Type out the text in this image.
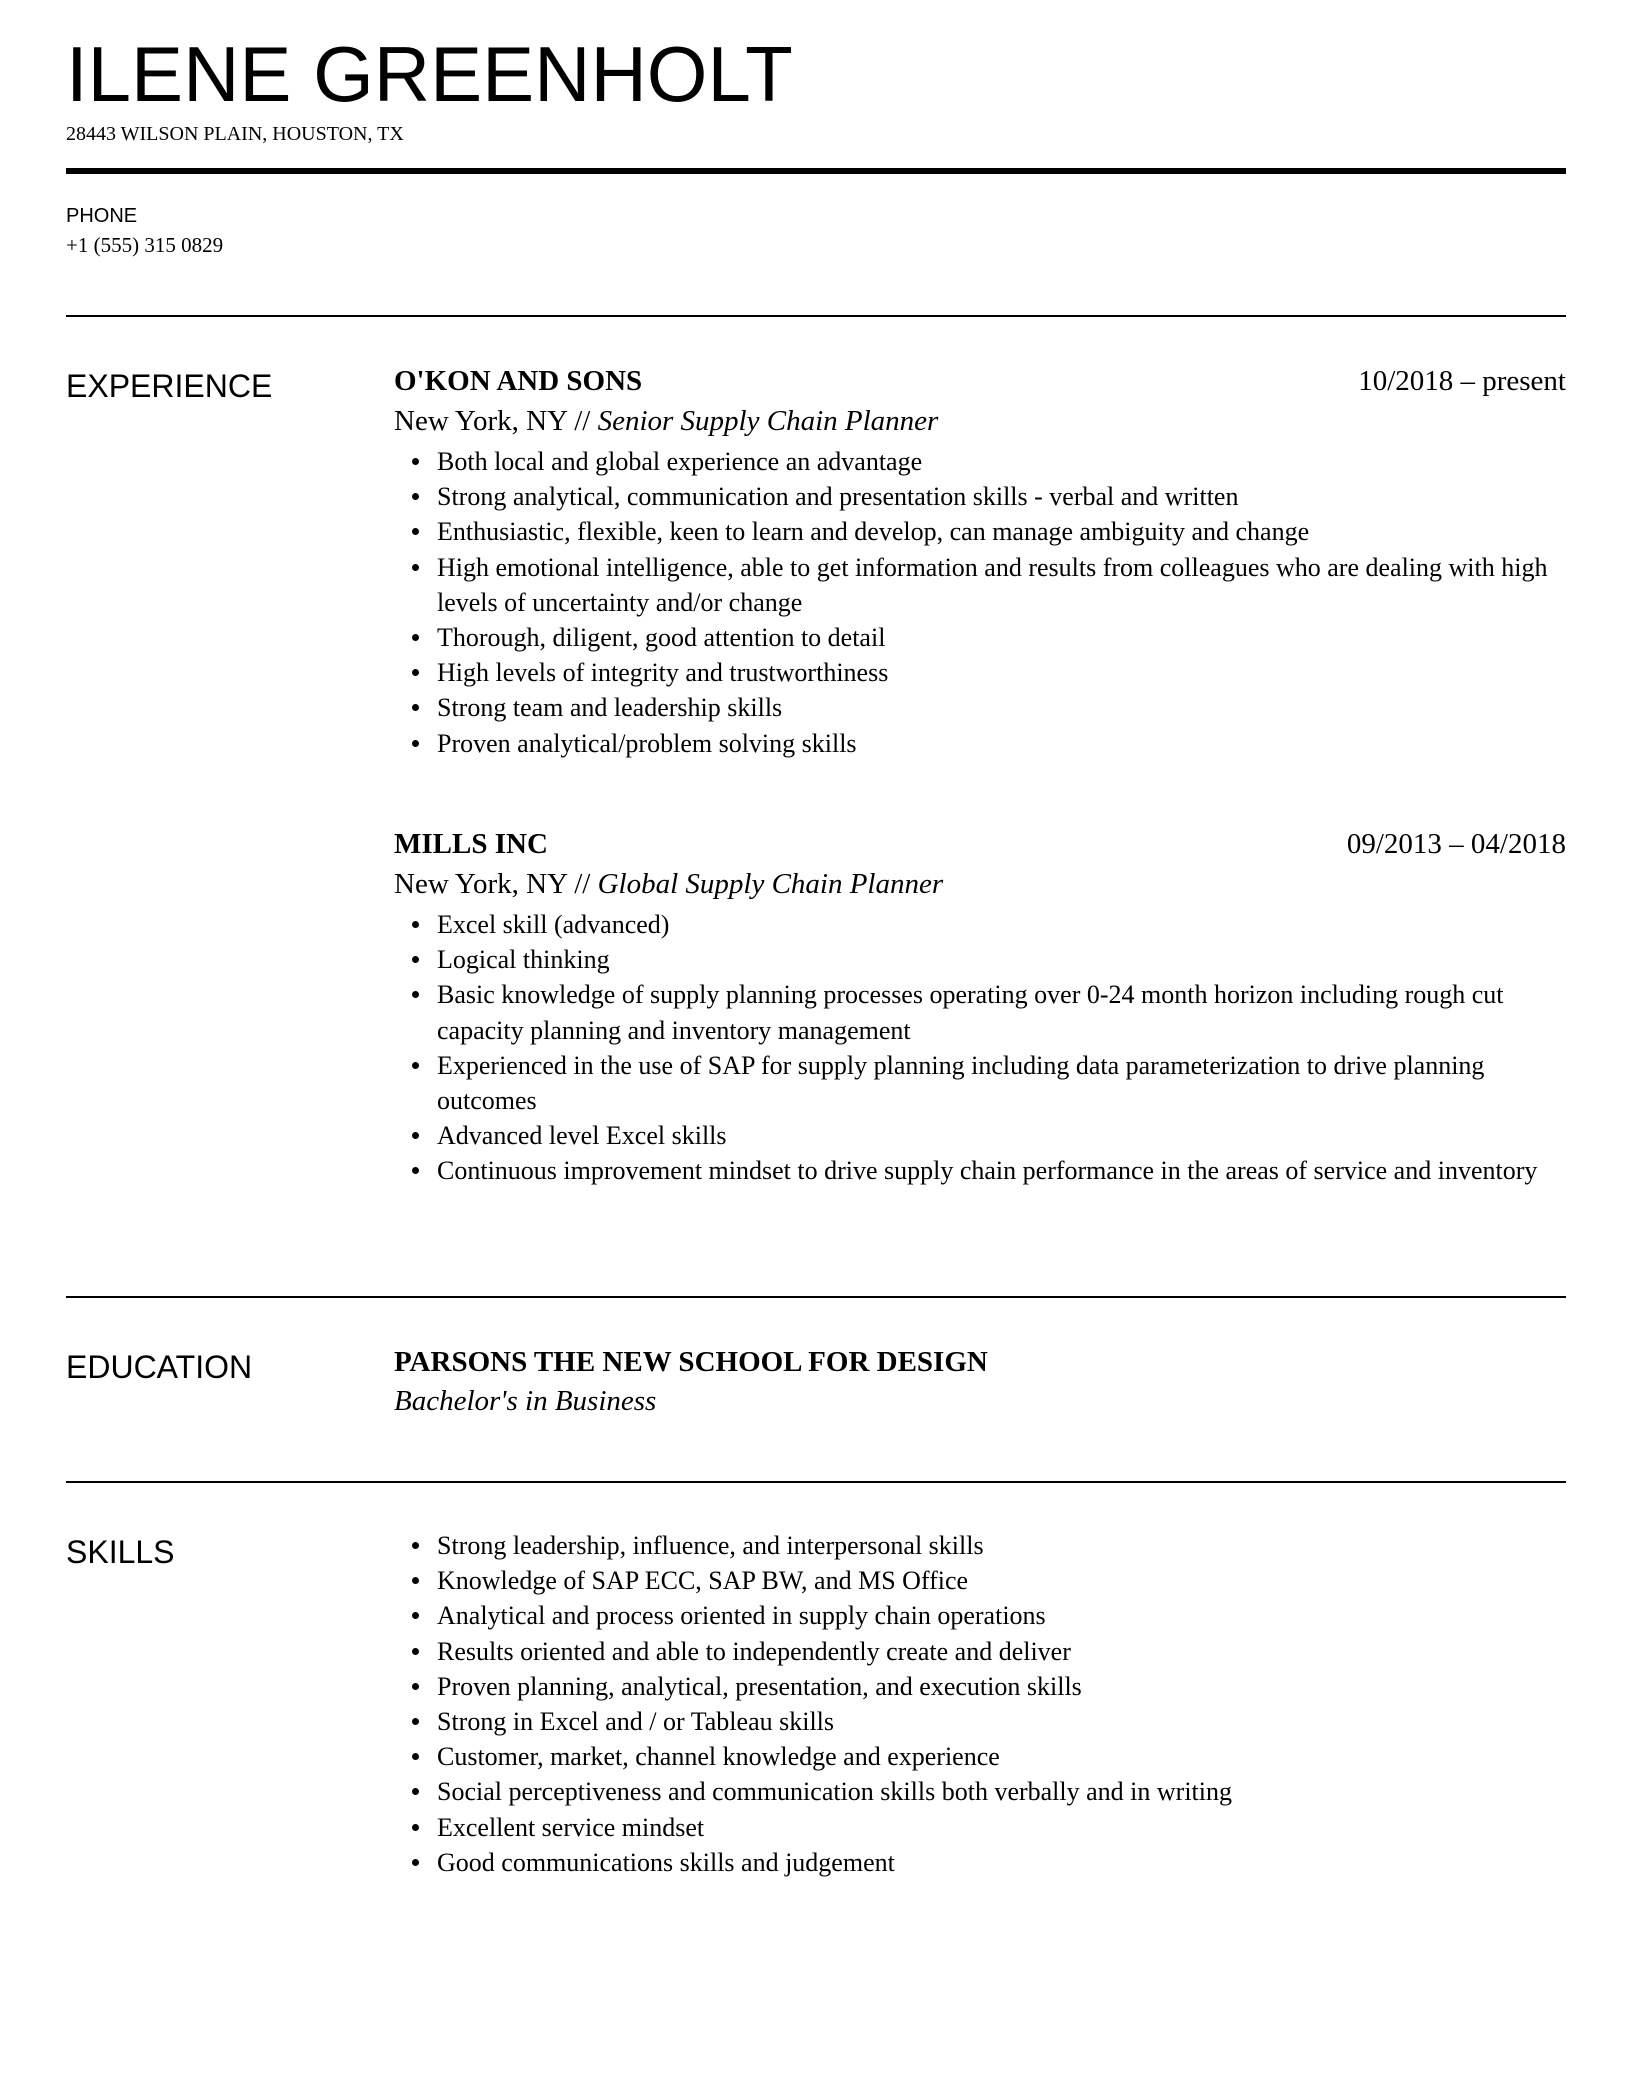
ILENE GREENHOLT
28443 WILSON PLAIN, HOUSTON, TX
PHONE
+1 (555) 315 0829
EXPERIENCE	O'KON AND SONS	10/2018 – present
New York, NY // Senior Supply Chain Planner
Both local and global experience an advantage
Strong analytical, communication and presentation skills - verbal and written
Enthusiastic, flexible, keen to learn and develop, can manage ambiguity and change
High emotional intelligence, able to get information and results from colleagues who are dealing with high levels of uncertainty and/or change
Thorough, diligent, good attention to detail
High levels of integrity and trustworthiness
Strong team and leadership skills
Proven analytical/problem solving skills
MILLS INC	09/2013 – 04/2018
New York, NY // Global Supply Chain Planner
Excel skill (advanced)
Logical thinking
Basic knowledge of supply planning processes operating over 0-24 month horizon including rough cut capacity planning and inventory management
Experienced in the use of SAP for supply planning including data parameterization to drive planning outcomes
Advanced level Excel skills
Continuous improvement mindset to drive supply chain performance in the areas of service and inventory
EDUCATION	PARSONS THE NEW SCHOOL FOR DESIGN
Bachelor's in Business
SKILLS	Strong leadership, influence, and interpersonal skills
Knowledge of SAP ECC, SAP BW, and MS Office
Analytical and process oriented in supply chain operations
Results oriented and able to independently create and deliver
Proven planning, analytical, presentation, and execution skills
Strong in Excel and / or Tableau skills
Customer, market, channel knowledge and experience
Social perceptiveness and communication skills both verbally and in writing
Excellent service mindset
Good communications skills and judgement
